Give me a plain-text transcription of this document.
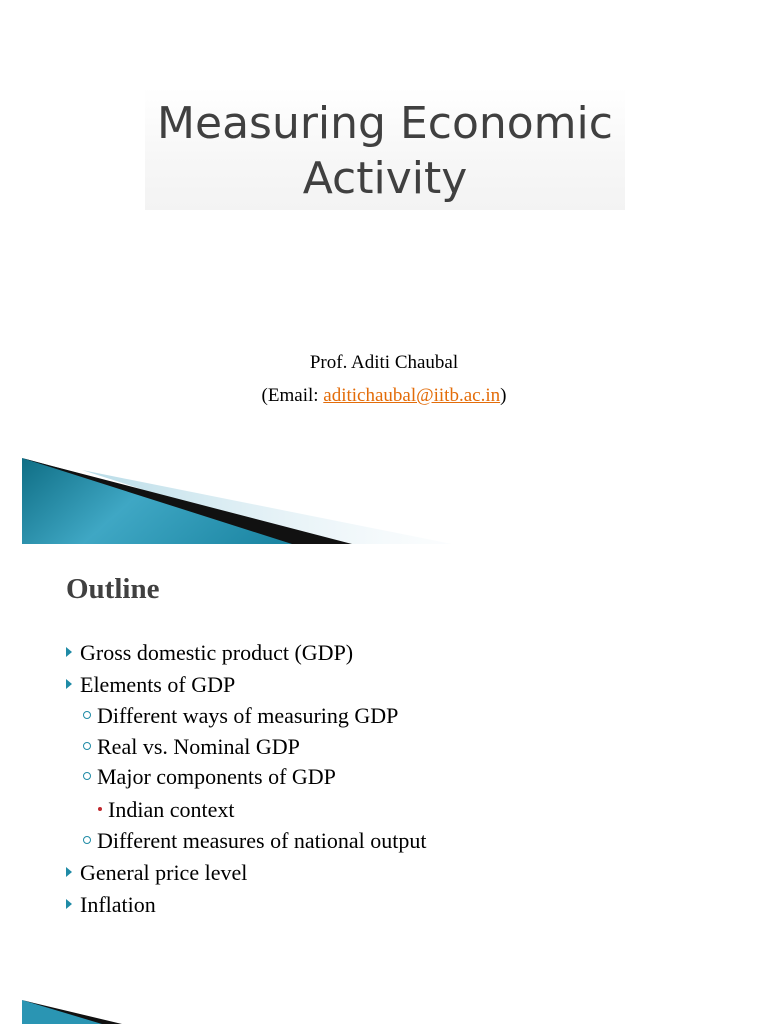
Measuring Economic
Activity
Prof. Aditi Chaubal
(Email: aditichaubal@iitb.ac.in)
Outline
Gross domestic product (GDP)
Elements of GDP
Different ways of measuring GDP
Real vs. Nominal GDP
Major components of GDP
Indian context
Different measures of national output
General price level
Inflation
